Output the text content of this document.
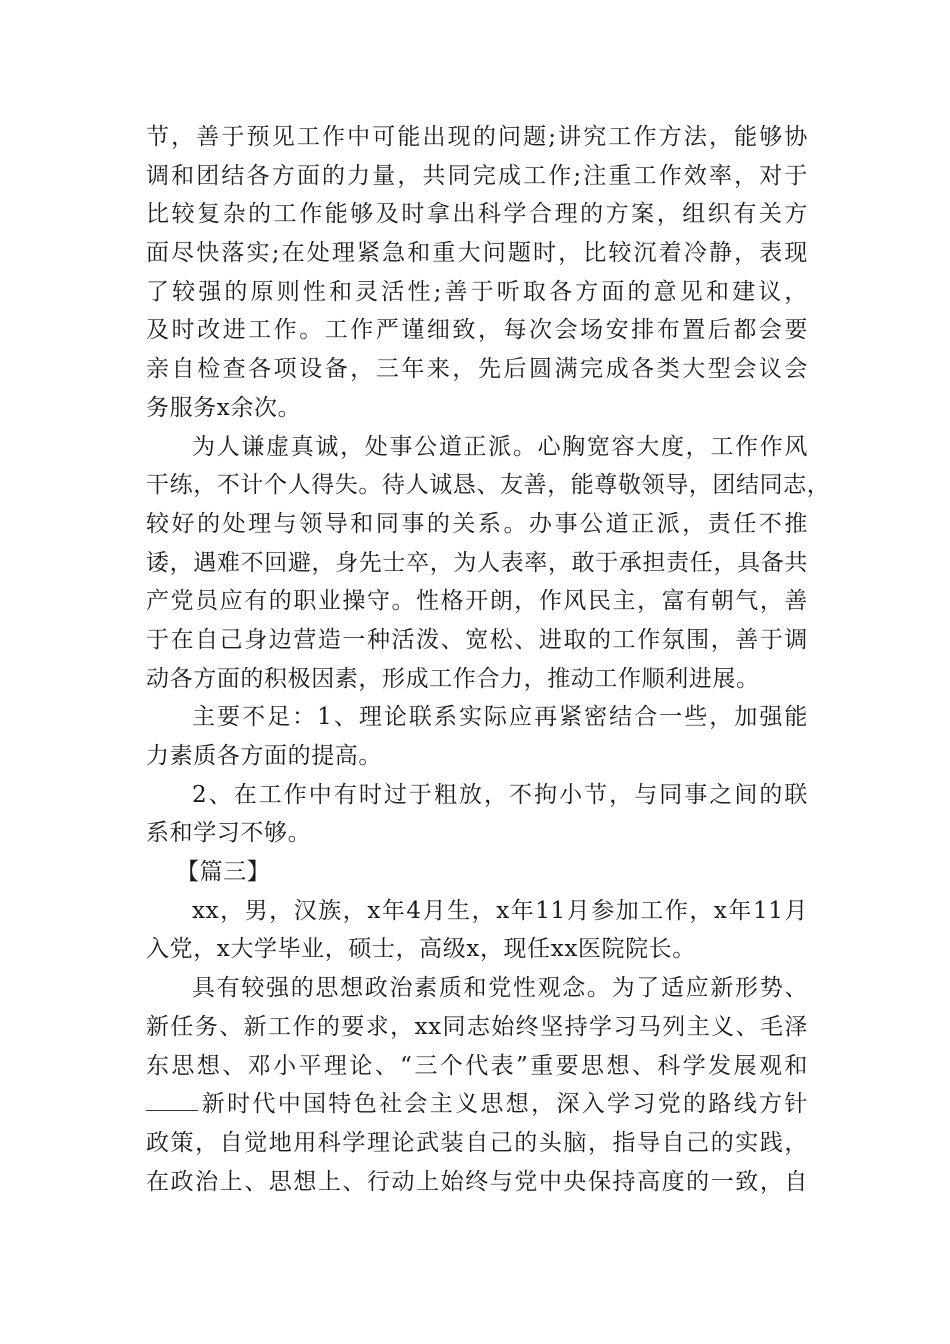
节，善于预见工作中可能出现的问题;讲究工作方法，能够协
调和团结各方面的力量，共同完成工作;注重工作效率，对于
比较复杂的工作能够及时拿出科学合理的方案，组织有关方
面尽快落实;在处理紧急和重大问题时，比较沉着冷静，表现
了较强的原则性和灵活性;善于听取各方面的意见和建议，
及时改进工作。工作严谨细致，每次会场安排布置后都会要
亲自检查各项设备，三年来，先后圆满完成各类大型会议会
务服务x余次。
为人谦虚真诚，处事公道正派。心胸宽容大度，工作作风
干练，不计个人得失。待人诚恳、友善，能尊敬领导，团结同志，
较好的处理与领导和同事的关系。办事公道正派，责任不推
诿，遇难不回避，身先士卒，为人表率，敢于承担责任，具备共
产党员应有的职业操守。性格开朗，作风民主，富有朝气，善
于在自己身边营造一种活泼、宽松、进取的工作氛围，善于调
动各方面的积极因素，形成工作合力，推动工作顺利进展。
主要不足：1、理论联系实际应再紧密结合一些，加强能
力素质各方面的提高。
2、在工作中有时过于粗放，不拘小节，与同事之间的联
系和学习不够。
【篇三】
xx，男，汉族，x年4月生，x年11月参加工作，x年11月
入党，x大学毕业，硕士，高级x，现任xx医院院长。
具有较强的思想政治素质和党性观念。为了适应新形势、
新任务、新工作的要求，xx同志始终坚持学习马列主义、毛泽
东思想、邓小平理论、“三个代表”重要思想、科学发展观和
新时代中国特色社会主义思想，深入学习党的路线方针
政策，自觉地用科学理论武装自己的头脑，指导自己的实践，
在政治上、思想上、行动上始终与党中央保持高度的一致，自
